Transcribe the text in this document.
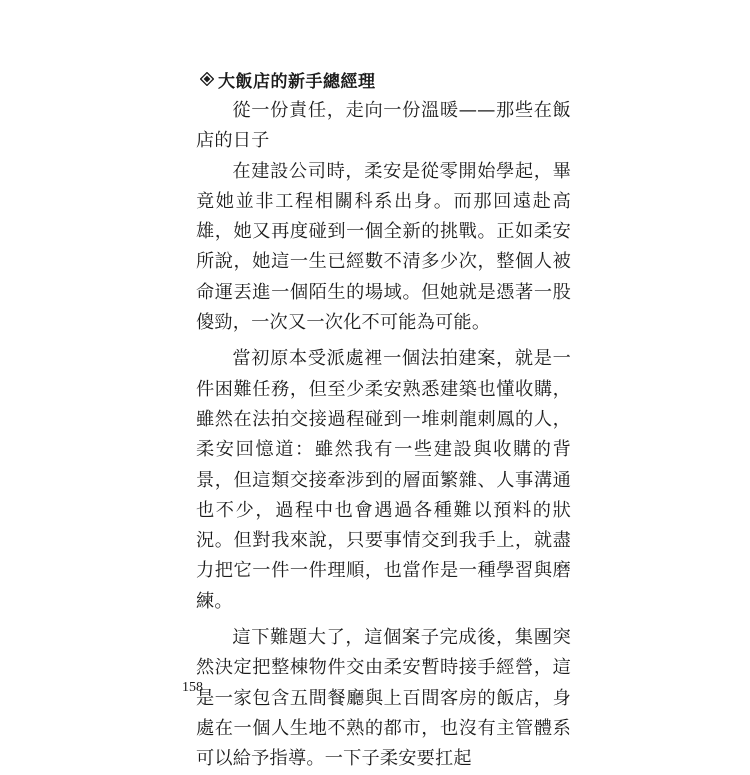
大飯店的新手總經理

從一份責任，走向一份溫暖——那些在飯店的日子

在建設公司時，柔安是從零開始學起，畢竟她並非工程相關科系出身。而那回遠赴高雄，她又再度碰到一個全新的挑戰。正如柔安所說，她這一生已經數不清多少次，整個人被命運丟進一個陌生的場域。但她就是憑著一股傻勁，一次又一次化不可能為可能。

當初原本受派處裡一個法拍建案，就是一件困難任務，但至少柔安熟悉建築也懂收購，雖然在法拍交接過程碰到一堆刺龍刺鳳的人，柔安回憶道：雖然我有一些建設與收購的背景，但這類交接牽涉到的層面繁雜、人事溝通也不少，過程中也會遇過各種難以預料的狀況。但對我來說，只要事情交到我手上，就盡力把它一件一件理順，也當作是一種學習與磨練。

這下難題大了，這個案子完成後，集團突然決定把整棟物件交由柔安暫時接手經營，這是一家包含五間餐廳與上百間客房的飯店，身處在一個人生地不熟的都市，也沒有主管體系可以給予指導。一下子柔安要扛起

158
